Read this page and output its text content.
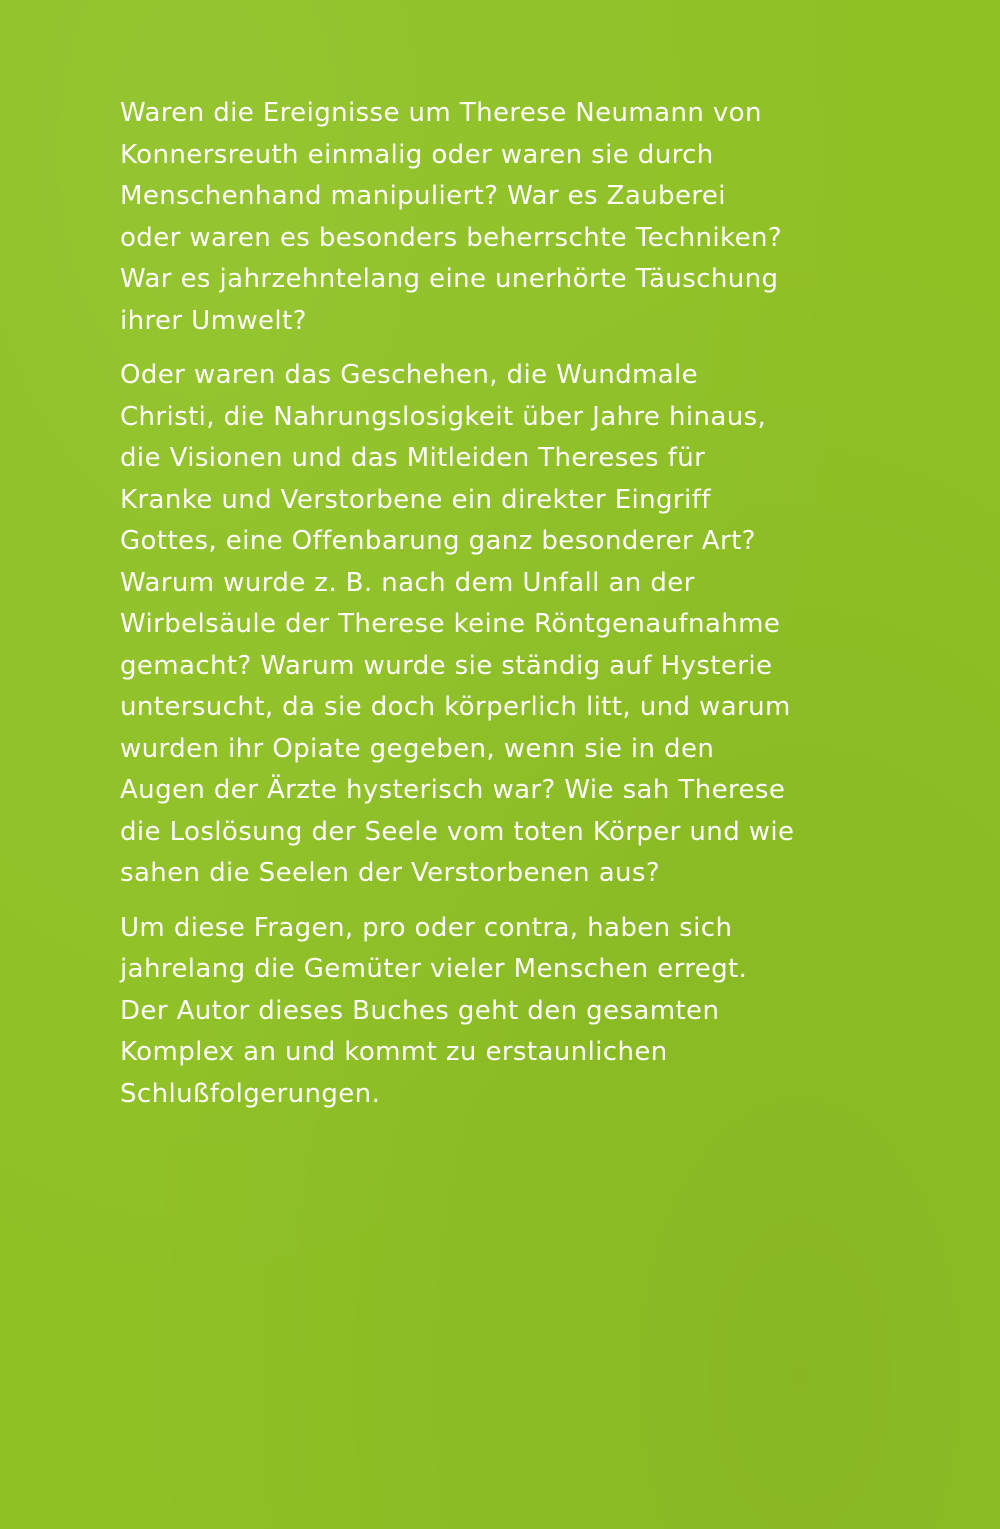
Waren die Ereignisse um Therese Neumann von
Konnersreuth einmalig oder waren sie durch
Menschenhand manipuliert? War es Zauberei
oder waren es besonders beherrschte Techniken?
War es jahrzehntelang eine unerhörte Täuschung
ihrer Umwelt?

Oder waren das Geschehen, die Wundmale
Christi, die Nahrungslosigkeit über Jahre hinaus,
die Visionen und das Mitleiden Thereses für
Kranke und Verstorbene ein direkter Eingriff
Gottes, eine Offenbarung ganz besonderer Art?
Warum wurde z. B. nach dem Unfall an der
Wirbelsäule der Therese keine Röntgenaufnahme
gemacht? Warum wurde sie ständig auf Hysterie
untersucht, da sie doch körperlich litt, und warum
wurden ihr Opiate gegeben, wenn sie in den
Augen der Ärzte hysterisch war? Wie sah Therese
die Loslösung der Seele vom toten Körper und wie
sahen die Seelen der Verstorbenen aus?

Um diese Fragen, pro oder contra, haben sich
jahrelang die Gemüter vieler Menschen erregt.
Der Autor dieses Buches geht den gesamten
Komplex an und kommt zu erstaunlichen
Schlußfolgerungen.
